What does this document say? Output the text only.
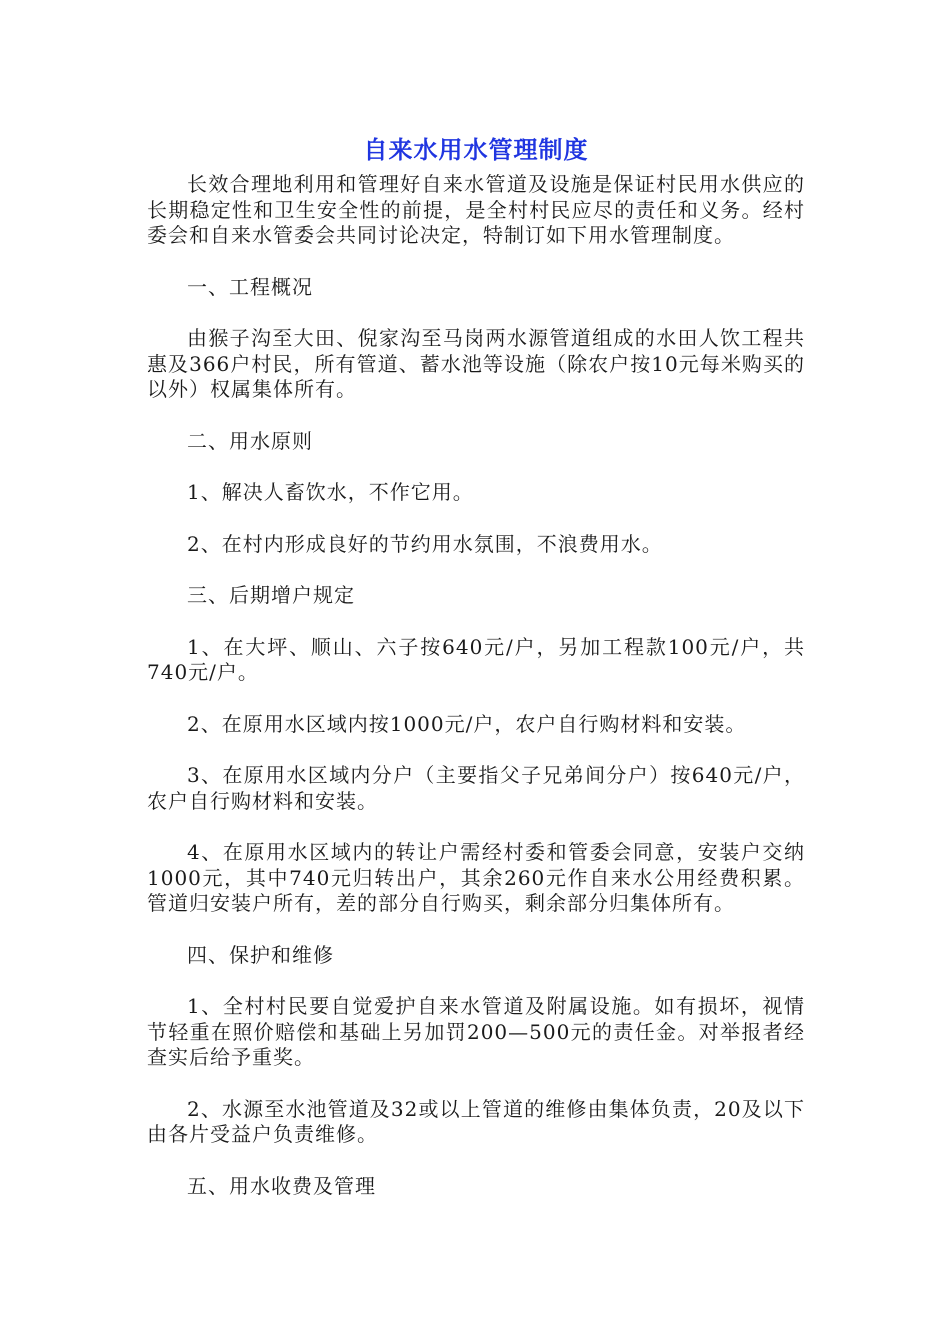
自来水用水管理制度

长效合理地利用和管理好自来水管道及设施是保证村民用水供应的长期稳定性和卫生安全性的前提，是全村村民应尽的责任和义务。经村委会和自来水管委会共同讨论决定，特制订如下用水管理制度。

一、工程概况

由猴子沟至大田、倪家沟至马岗两水源管道组成的水田人饮工程共惠及366户村民，所有管道、蓄水池等设施（除农户按10元每米购买的以外）权属集体所有。

二、用水原则

1、解决人畜饮水，不作它用。

2、在村内形成良好的节约用水氛围，不浪费用水。

三、后期增户规定

1、在大坪、顺山、六子按640元/户，另加工程款100元/户，共740元/户。

2、在原用水区域内按1000元/户，农户自行购材料和安装。

3、在原用水区域内分户（主要指父子兄弟间分户）按640元/户，农户自行购材料和安装。

4、在原用水区域内的转让户需经村委和管委会同意，安装户交纳1000元，其中740元归转出户，其余260元作自来水公用经费积累。管道归安装户所有，差的部分自行购买，剩余部分归集体所有。

四、保护和维修

1、全村村民要自觉爱护自来水管道及附属设施。如有损坏，视情节轻重在照价赔偿和基础上另加罚200—500元的责任金。对举报者经查实后给予重奖。

2、水源至水池管道及32或以上管道的维修由集体负责，20及以下由各片受益户负责维修。

五、用水收费及管理
